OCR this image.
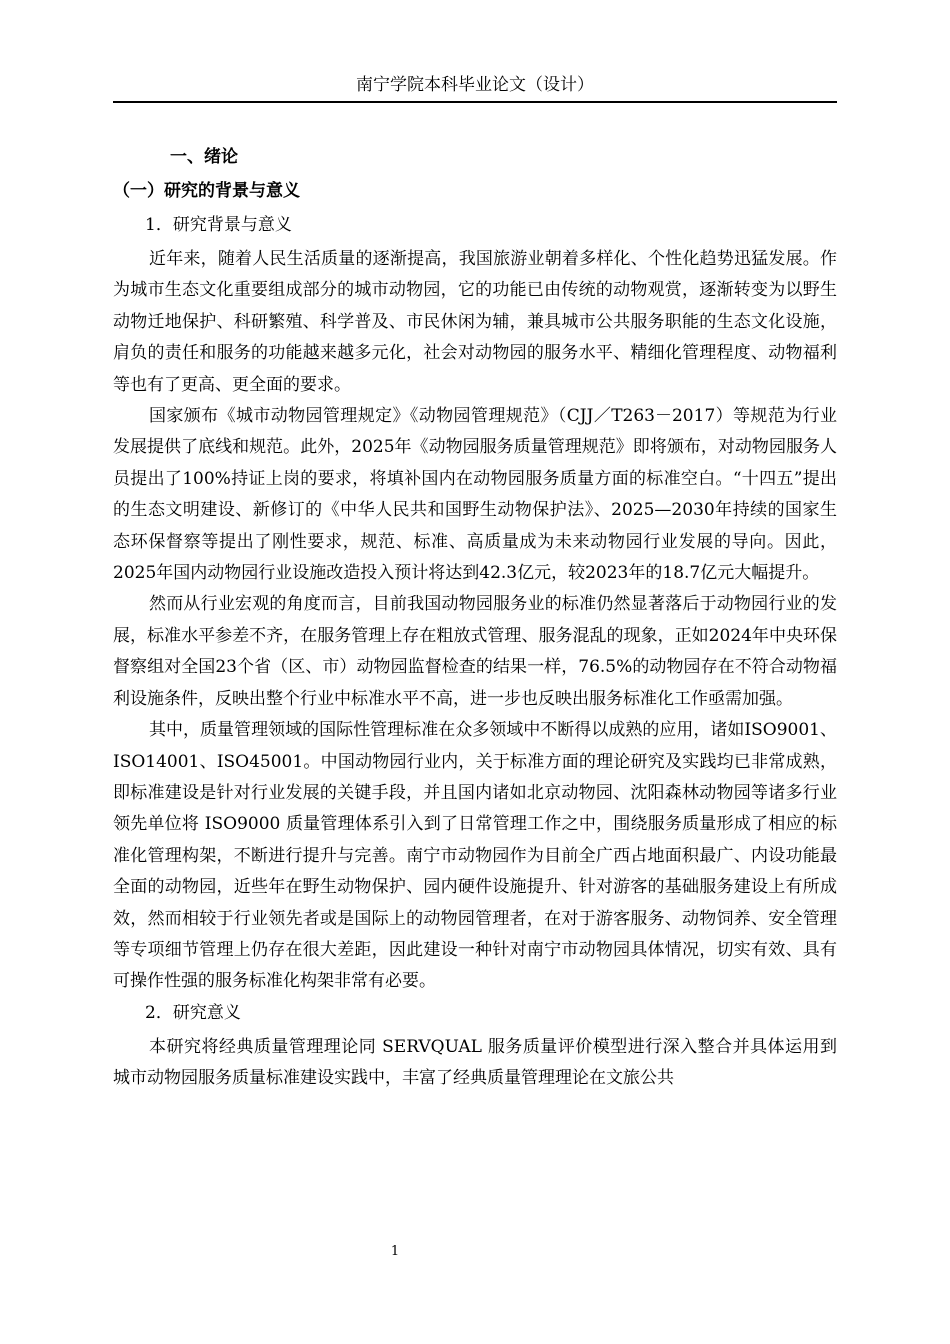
南宁学院本科毕业论文（设计）
一、绪论
（一）研究的背景与意义
1．研究背景与意义

近年来，随着人民生活质量的逐渐提高，我国旅游业朝着多样化、个性化趋势迅猛发展。作为城市生态文化重要组成部分的城市动物园，它的功能已由传统的动物观赏，逐渐转变为以野生动物迁地保护、科研繁殖、科学普及、市民休闲为辅，兼具城市公共服务职能的生态文化设施，肩负的责任和服务的功能越来越多元化，社会对动物园的服务水平、精细化管理程度、动物福利等也有了更高、更全面的要求。

国家颁布《城市动物园管理规定》《动物园管理规范》（CJJ／T263－2017）等规范为行业发展提供了底线和规范。此外，2025年《动物园服务质量管理规范》即将颁布，对动物园服务人员提出了100%持证上岗的要求，将填补国内在动物园服务质量方面的标准空白。“十四五”提出的生态文明建设、新修订的《中华人民共和国野生动物保护法》、2025—2030年持续的国家生态环保督察等提出了刚性要求，规范、标准、高质量成为未来动物园行业发展的导向。因此，2025年国内动物园行业设施改造投入预计将达到42.3亿元，较2023年的18.7亿元大幅提升。

然而从行业宏观的角度而言，目前我国动物园服务业的标准仍然显著落后于动物园行业的发展，标准水平参差不齐，在服务管理上存在粗放式管理、服务混乱的现象，正如2024年中央环保督察组对全国23个省（区、市）动物园监督检查的结果一样，76.5%的动物园存在不符合动物福利设施条件，反映出整个行业中标准水平不高，进一步也反映出服务标准化工作亟需加强。

其中，质量管理领域的国际性管理标准在众多领域中不断得以成熟的应用，诸如ISO9001、ISO14001、ISO45001。中国动物园行业内，关于标准方面的理论研究及实践均已非常成熟，即标准建设是针对行业发展的关键手段，并且国内诸如北京动物园、沈阳森林动物园等诸多行业领先单位将 ISO9000 质量管理体系引入到了日常管理工作之中，围绕服务质量形成了相应的标准化管理构架，不断进行提升与完善。南宁市动物园作为目前全广西占地面积最广、内设功能最全面的动物园，近些年在野生动物保护、园内硬件设施提升、针对游客的基础服务建设上有所成效，然而相较于行业领先者或是国际上的动物园管理者，在对于游客服务、动物饲养、安全管理等专项细节管理上仍存在很大差距，因此建设一种针对南宁市动物园具体情况，切实有效、具有可操作性强的服务标准化构架非常有必要。

2．研究意义

本研究将经典质量管理理论同 SERVQUAL 服务质量评价模型进行深入整合并具体运用到城市动物园服务质量标准建设实践中，丰富了经典质量管理理论在文旅公共

1
